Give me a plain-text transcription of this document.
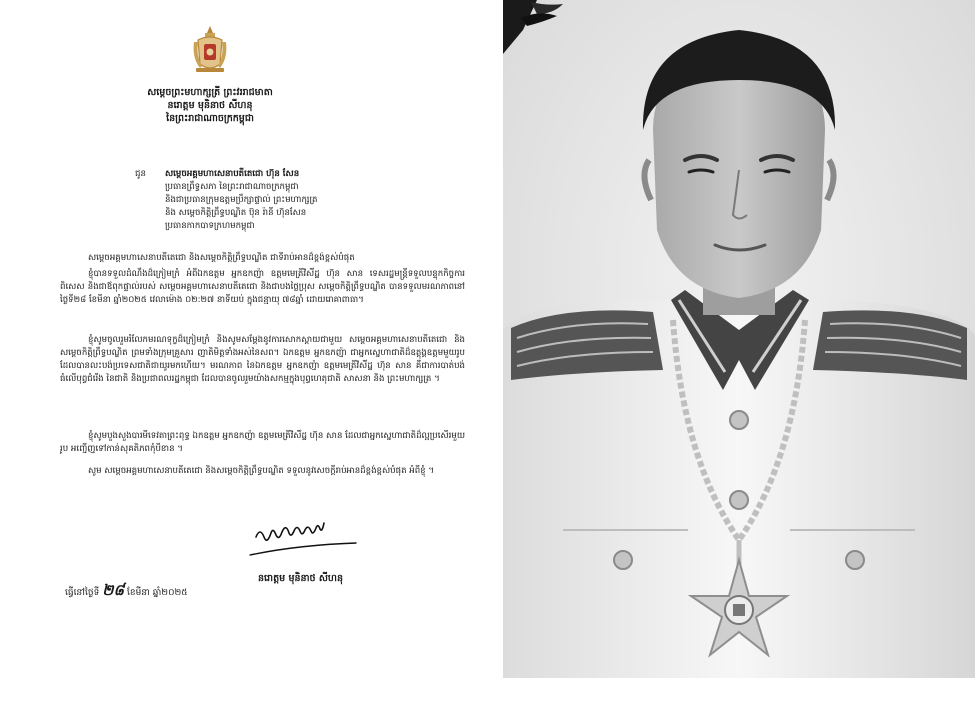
សម្ដេចព្រះមហាក្សត្រី ព្រះវររាជមាតា
នរោត្តម មុនិនាថ សីហនុ
នៃព្រះរាជាណាចក្រកម្ពុជា
ជូន សម្ដេចអគ្គមហាសេនាបតីតេជោ ហ៊ុន សែន
ប្រធានព្រឹទ្ធសភា នៃព្រះរាជាណាចក្រកម្ពុជា
និងជាប្រធានក្រុមឧត្ដមប្រឹក្សាផ្ទាល់ ព្រះមហាក្សត្រ
និង សម្ដេចកិត្តិព្រឹទ្ធបណ្ឌិត ប៊ុន រ៉ានី ហ៊ុនសែន
ប្រធានកាកបាទក្រហមកម្ពុជា
សម្ដេចអគ្គមហាសេនាបតីតេជោ និងសម្ដេចកិត្តិព្រឹទ្ធបណ្ឌិត ជាទីរាប់អានដ៏ខ្ពង់ខ្ពស់បំផុត
ខ្ញុំបានទទួលដំណឹងដ៏ក្រៀមក្រំ អំពីឯកឧត្ដម អ្នកឧកញ៉ា ឧត្ដមមេត្រីវិស័ិដ្ឋ ហ៊ុន សាន ទេសរដ្ឋមន្រ្តីទទួលបន្ទុកកិច្ចការពិសេស និងជាឪពុកផ្ទាល់របស់ សម្ដេចអគ្គមហាសេនាបតីតេជោ និងជាបងថ្លៃប្រុស សម្ដេចកិត្តិព្រឹទ្ធបណ្ឌិត បានទទួលមរណភាពនៅថ្ងៃទី២៨ ខែមីនា ឆ្នាំ២០២៥ វេលាម៉ោង ០២:២៧ នាទីយប់ ក្នុងជន្មាយុ ៧៨ឆ្នាំ ដោយរោគាពាធា។
ខ្ញុំសូមចូលរួមរំលែកមរណទុក្ខដ៏ក្រៀមក្រំ និងសូមសម្ដែងនូវការសោកស្ដាយជាមួយ សម្ដេចអគ្គមហាសេនាបតីតេជោ និងសម្ដេចកិត្តិព្រឹទ្ធបណ្ឌិត ព្រមទាំងក្រុមគ្រួសារ ញាតិមិត្តទាំងអស់នៃសព។ ឯកឧត្ដម អ្នកឧកញ៉ា ជាអ្នកស្នេហាជាតិដ៏ឧត្ដុង្គឧត្ដមមួយរូប ដែលបានលះបង់ប្រទេសជាតិជាយូរមកហើយ។ មរណភាព នៃឯកឧត្ដម អ្នកឧកញ៉ា ឧត្ដមមេត្រីវិស័ិដ្ឋ ហ៊ុន សាន គឺជាការបាត់បង់ធំលើបុព្វជំរើង នៃជាតិ និងប្រជាពលរដ្ឋកម្ពុជា ដែលបានចូលរួមយ៉ាងសកម្មក្នុងបុព្វហេតុជាតិ សាសនា និង ព្រះមហាក្សត្រ ។
ខ្ញុំសូមបួងសួងបារមីទេវតាព្រះពុទ្ធ ឯកឧត្ដម អ្នកឧកញ៉ា ឧត្ដមមេត្រីវិស័ិដ្ឋ ហ៊ុន សាន ដែលជាអ្នកស្នេហាជាតិដ៏ល្អប្រសើរមួយរូប អញ្ជើញទៅកាន់សុគតិភពកុំបីខាន ។
សូម សម្ដេចអគ្គមហាសេនាបតីតេជោ និងសម្ដេចកិត្តិព្រឹទ្ធបណ្ឌិត ទទួលនូវសេចក្ដីរាប់អានដ៏ខ្ពង់ខ្ពស់បំផុត អំពីខ្ញុំ ។
នរោត្តម មុនិនាថ សីហនុ
ធ្វើនៅថ្ងៃទី ២៨ ខែមីនា ឆ្នាំ២០២៥
